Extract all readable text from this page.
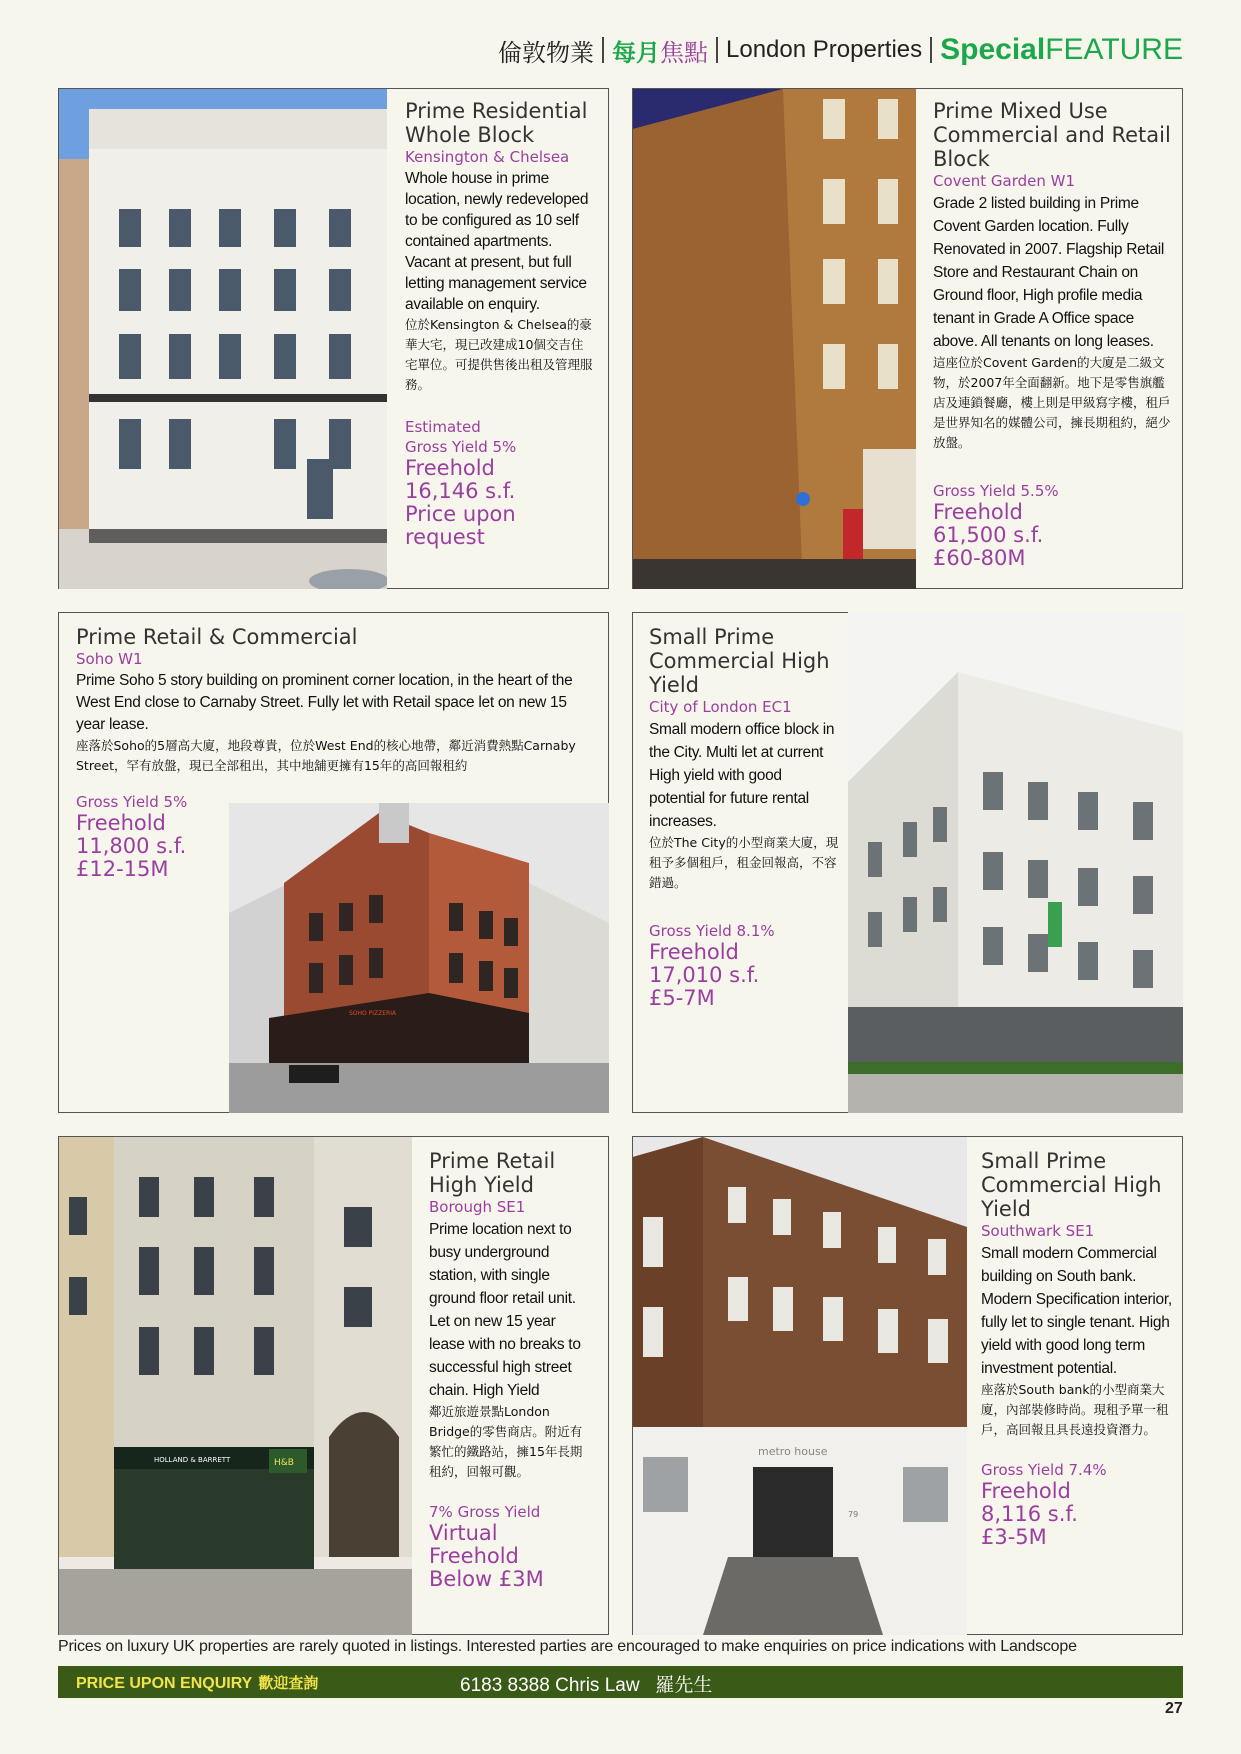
倫敦物業 每月 焦點 London Properties Special FEATURE

Prime Residential Whole Block

Kensington & Chelsea

Whole house in prime location, newly redeveloped to be configured as 10 self contained apartments. Vacant at present, but full letting management service available on enquiry.

位於Kensington & Chelsea的豪華大宅，現已改建成10個交吉住宅單位。可提供售後出租及管理服務。

Estimated

Gross Yield 5%

Freehold

16,146 s.f.

Price upon request

Prime Mixed Use Commercial and Retail Block

Covent Garden W1

Grade 2 listed building in Prime Covent Garden location. Fully Renovated in 2007. Flagship Retail Store and Restaurant Chain on Ground floor, High profile media tenant in Grade A Office space above. All tenants on long leases.

這座位於Covent Garden的大廈是二級文物，於2007年全面翻新。地下是零售旗艦店及連鎖餐廳，樓上則是甲級寫字樓，租戶是世界知名的媒體公司，擁長期租約，絕少放盤。

Gross Yield 5.5%

Freehold

61,500 s.f.

£60-80M

Prime Retail & Commercial

Soho W1

Prime Soho 5 story building on prominent corner location, in the heart of the West End close to Carnaby Street. Fully let with Retail space let on new 15 year lease.

座落於Soho的5層高大廈，地段尊貴，位於West End的核心地帶，鄰近消費熱點Carnaby Street，罕有放盤，現已全部租出，其中地舖更擁有15年的高回報租約

Gross Yield 5%

Freehold

11,800 s.f.

£12-15M

SOHO PIZZERIA

Small Prime Commercial High Yield

City of London EC1

Small modern office block in the City. Multi let at current High yield with good potential for future rental increases.

位於The City的小型商業大廈，現租予多個租戶，租金回報高，不容錯過。

Gross Yield 8.1%

Freehold

17,010 s.f.

£5-7M

HOLLAND & BARRETT	H&B

Prime Retail High Yield

Borough SE1

Prime location next to busy underground station, with single ground floor retail unit. Let on new 15 year lease with no breaks to successful high street chain. High Yield

鄰近旅遊景點London Bridge的零售商店。附近有繁忙的鐵路站，擁15年長期租約，回報可觀。

7% Gross Yield

Virtual Freehold

Below £3M

metro house
79

Small Prime Commercial High Yield

Southwark SE1

Small modern Commercial building on South bank. Modern Specification interior, fully let to single tenant. High yield with good long term investment potential.

座落於South bank的小型商業大廈，內部裝修時尚。現租予單一租戶，高回報且具長遠投資潛力。

Gross Yield 7.4%

Freehold

8,116 s.f.

£3-5M

Prices on luxury UK properties are rarely quoted in listings. Interested parties are encouraged to make enquiries on price indications with Landscope
PRICE UPON ENQUIRY 歡迎查詢	6183 8388 Chris Law   羅先生
27
